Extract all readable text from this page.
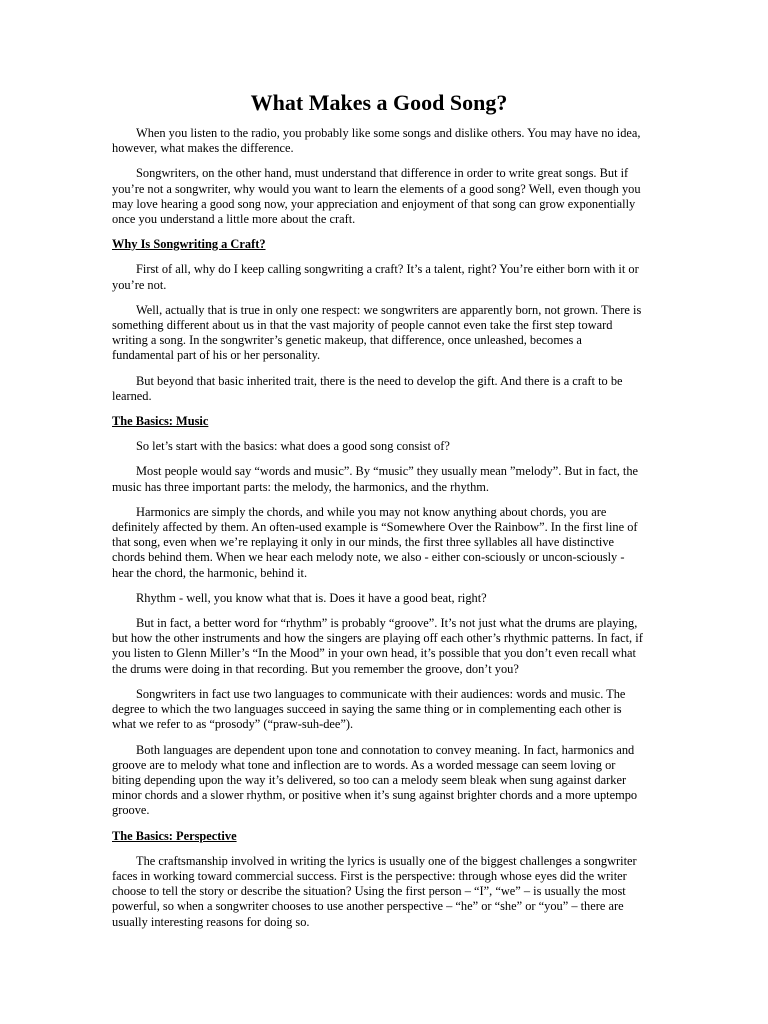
What Makes a Good Song?

When you listen to the radio, you probably like some songs and dislike others. You may have no idea, however, what makes the difference.

Songwriters, on the other hand, must understand that difference in order to write great songs. But if you’re not a songwriter, why would you want to learn the elements of a good song? Well, even though you may love hearing a good song now, your appreciation and enjoyment of that song can grow exponentially once you understand a little more about the craft.

Why Is Songwriting a Craft?

First of all, why do I keep calling songwriting a craft? It’s a talent, right? You’re either born with it or you’re not.

Well, actually that is true in only one respect: we songwriters are apparently born, not grown. There is something different about us in that the vast majority of people cannot even take the first step toward writing a song. In the songwriter’s genetic makeup, that difference, once unleashed, becomes a fundamental part of his or her personality.

But beyond that basic inherited trait, there is the need to develop the gift. And there is a craft to be learned.

The Basics: Music

So let’s start with the basics: what does a good song consist of?

Most people would say “words and music”. By “music” they usually mean ”melody”. But in fact, the music has three important parts: the melody, the harmonics, and the rhythm.

Harmonics are simply the chords, and while you may not know anything about chords, you are definitely affected by them. An often-used example is “Somewhere Over the Rainbow”. In the first line of that song, even when we’re replaying it only in our minds, the first three syllables all have distinctive chords behind them. When we hear each melody note, we also - either con-sciously or uncon-sciously - hear the chord, the harmonic, behind it.

Rhythm - well, you know what that is. Does it have a good beat, right?

But in fact, a better word for “rhythm” is probably “groove”. It’s not just what the drums are playing, but how the other instruments and how the singers are playing off each other’s rhythmic patterns. In fact, if you listen to Glenn Miller’s “In the Mood” in your own head, it’s possible that you don’t even recall what the drums were doing in that recording. But you remember the groove, don’t you?

Songwriters in fact use two languages to communicate with their audiences: words and music. The degree to which the two languages succeed in saying the same thing or in complementing each other is what we refer to as “prosody” (“praw-suh-dee”).

Both languages are dependent upon tone and connotation to convey meaning. In fact, harmonics and groove are to melody what tone and inflection are to words. As a worded message can seem loving or biting depending upon the way it’s delivered, so too can a melody seem bleak when sung against darker minor chords and a slower rhythm, or positive when it’s sung against brighter chords and a more uptempo groove.

The Basics: Perspective

The craftsmanship involved in writing the lyrics is usually one of the biggest challenges a songwriter faces in working toward commercial success. First is the perspective: through whose eyes did the writer choose to tell the story or describe the situation? Using the first person – “I”, “we” – is usually the most powerful, so when a songwriter chooses to use another perspective – “he” or “she” or “you” – there are usually interesting reasons for doing so.
